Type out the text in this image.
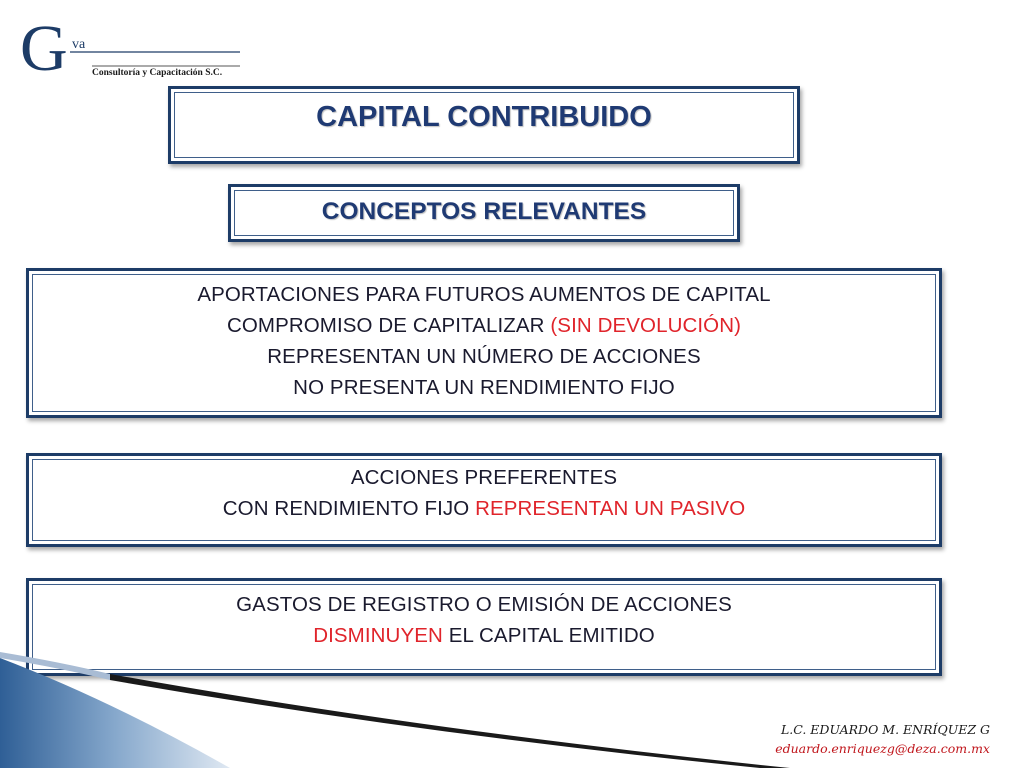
G va
Consultoría y Capacitación S.C.
CAPITAL CONTRIBUIDO
CONCEPTOS RELEVANTES
APORTACIONES PARA FUTUROS AUMENTOS DE CAPITAL
COMPROMISO DE CAPITALIZAR (SIN DEVOLUCIÓN)
REPRESENTAN UN NÚMERO DE ACCIONES
NO PRESENTA UN RENDIMIENTO FIJO
ACCIONES PREFERENTES
CON RENDIMIENTO FIJO REPRESENTAN UN PASIVO
GASTOS DE REGISTRO O EMISIÓN DE ACCIONES
DISMINUYEN EL CAPITAL EMITIDO
L.C. EDUARDO M. ENRÍQUEZ G
eduardo.enriquezg@deza.com.mx
